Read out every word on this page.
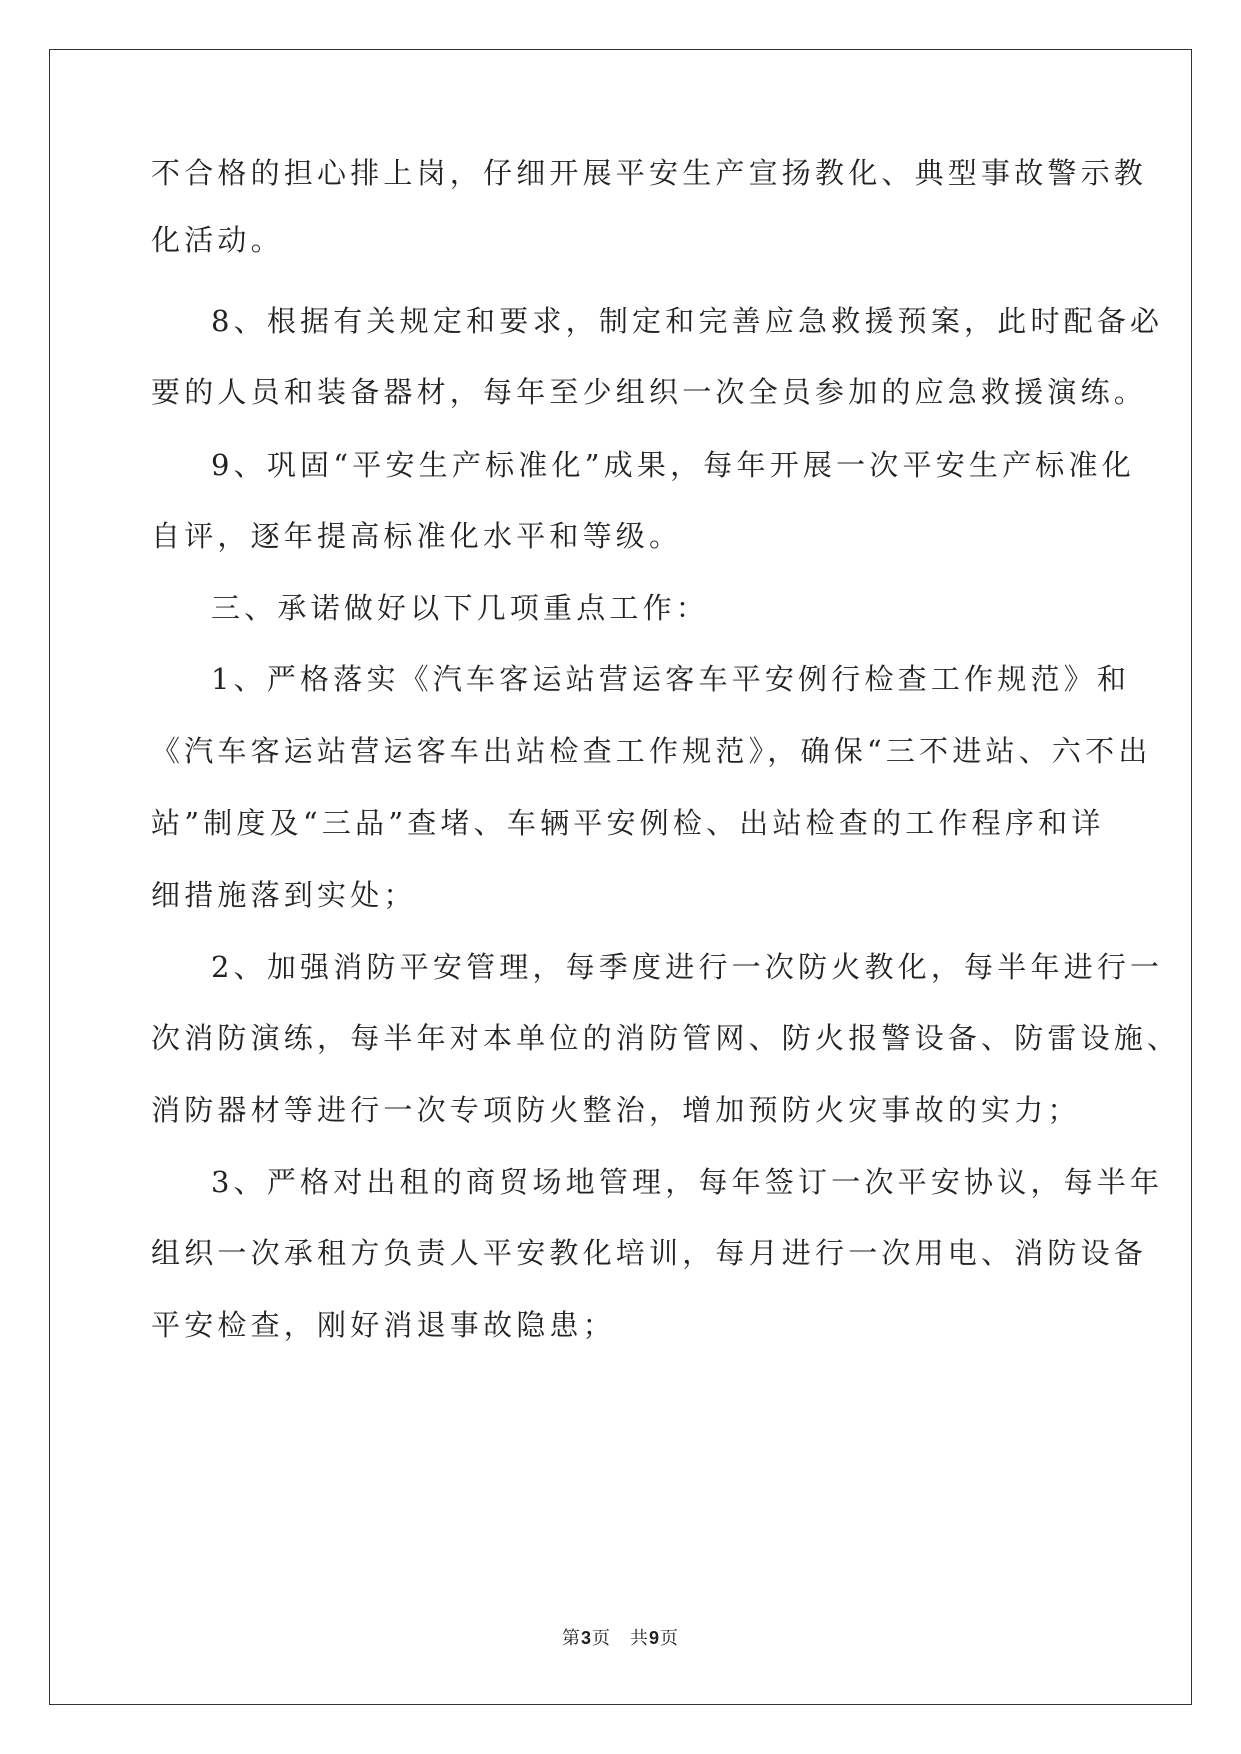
不合格的担心排上岗，仔细开展平安生产宣扬教化、典型事故警示教
化活动。
8、根据有关规定和要求，制定和完善应急救援预案，此时配备必
要的人员和装备器材，每年至少组织一次全员参加的应急救援演练。
9、巩固“平安生产标准化”成果，每年开展一次平安生产标准化
自评，逐年提高标准化水平和等级。
三、承诺做好以下几项重点工作：
1、严格落实《汽车客运站营运客车平安例行检查工作规范》和
《汽车客运站营运客车出站检查工作规范》，确保“三不进站、六不出
站”制度及“三品”查堵、车辆平安例检、出站检查的工作程序和详
细措施落到实处；
2、加强消防平安管理，每季度进行一次防火教化，每半年进行一
次消防演练，每半年对本单位的消防管网、防火报警设备、防雷设施、
消防器材等进行一次专项防火整治，增加预防火灾事故的实力；
3、严格对出租的商贸场地管理，每年签订一次平安协议，每半年
组织一次承租方负责人平安教化培训，每月进行一次用电、消防设备
平安检查，刚好消退事故隐患；
第3页　共9页
